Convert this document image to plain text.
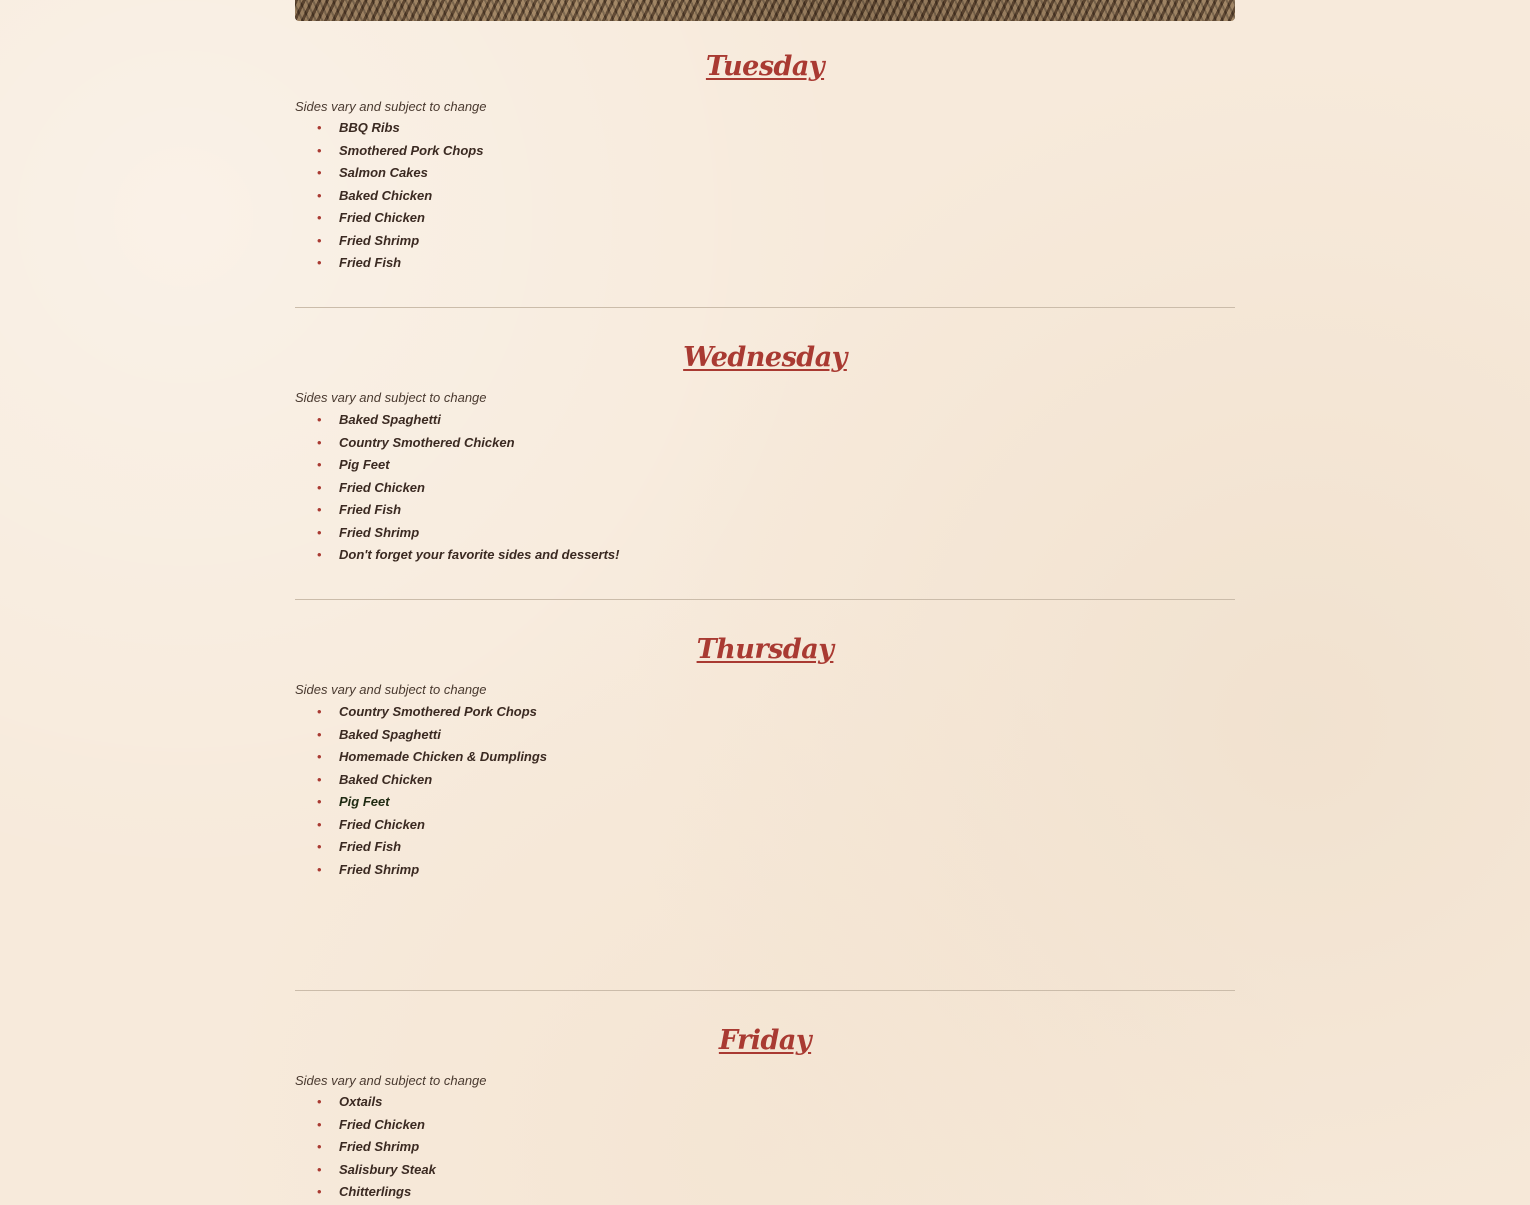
Tuesday

Sides vary and subject to change

• BBQ Ribs
• Smothered Pork Chops
• Salmon Cakes
• Baked Chicken
• Fried Chicken
• Fried Shrimp
• Fried Fish
Wednesday

Sides vary and subject to change

• Baked Spaghetti
• Country Smothered Chicken
• Pig Feet
• Fried Chicken
• Fried Fish
• Fried Shrimp
• Don't forget your favorite sides and desserts!
Thursday

Sides vary and subject to change

• Country Smothered Pork Chops
• Baked Spaghetti
• Homemade Chicken & Dumplings
• Baked Chicken
• Pig Feet
• Fried Chicken
• Fried Fish
• Fried Shrimp
Friday

Sides vary and subject to change

• Oxtails
• Fried Chicken
• Fried Shrimp
• Salisbury Steak
• Chitterlings
